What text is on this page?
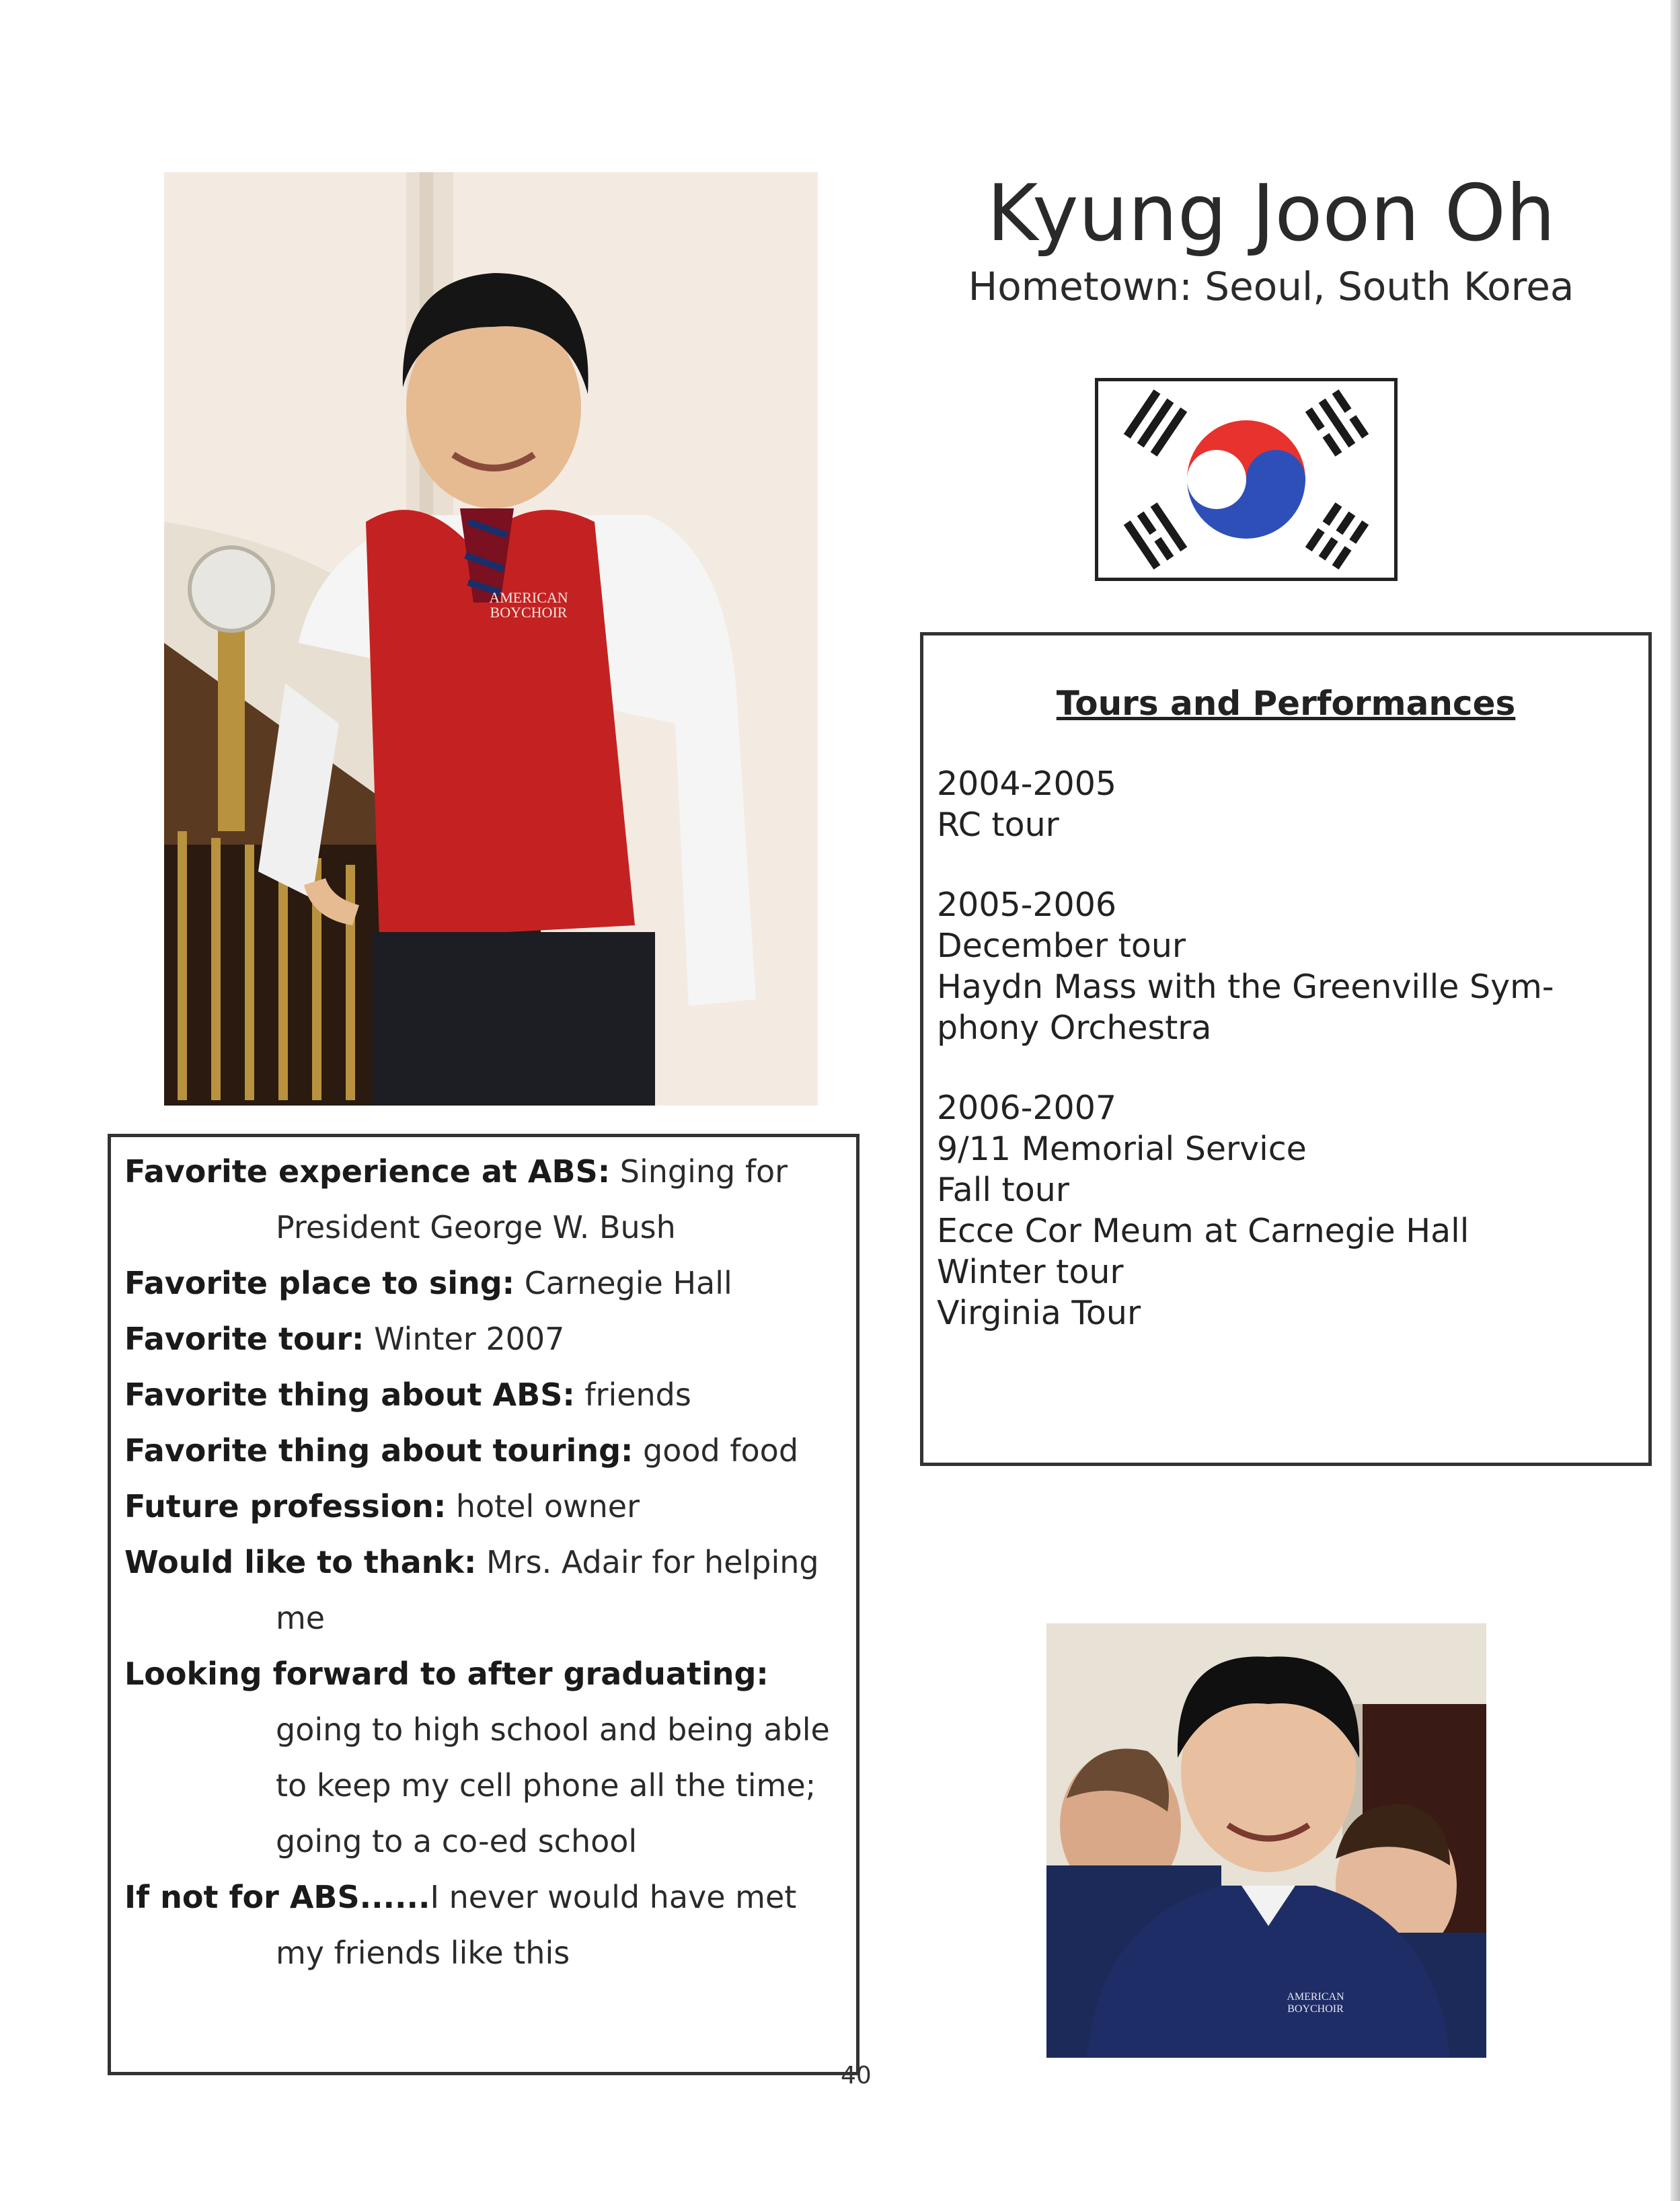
AMERICAN
BOYCHOIR
Kyung Joon Oh
Hometown: Seoul, South Korea
Tours and Performances
2004-2005
RC tour
2005-2006
December tour
Haydn Mass with the Greenville Sym-
phony Orchestra
2006-2007
9/11 Memorial Service
Fall tour
Ecce Cor Meum at Carnegie Hall
Winter tour
Virginia Tour
Favorite experience at ABS: Singing for President George W. Bush
Favorite place to sing: Carnegie Hall
Favorite tour: Winter 2007
Favorite thing about ABS: friends
Favorite thing about touring: good food
Future profession: hotel owner
Would like to thank: Mrs. Adair for helping me
Looking forward to after graduating: going to high school and being able to keep my cell phone all the time; going to a co-ed school
If not for ABS......I never would have met my friends like this
AMERICAN
BOYCHOIR
40
